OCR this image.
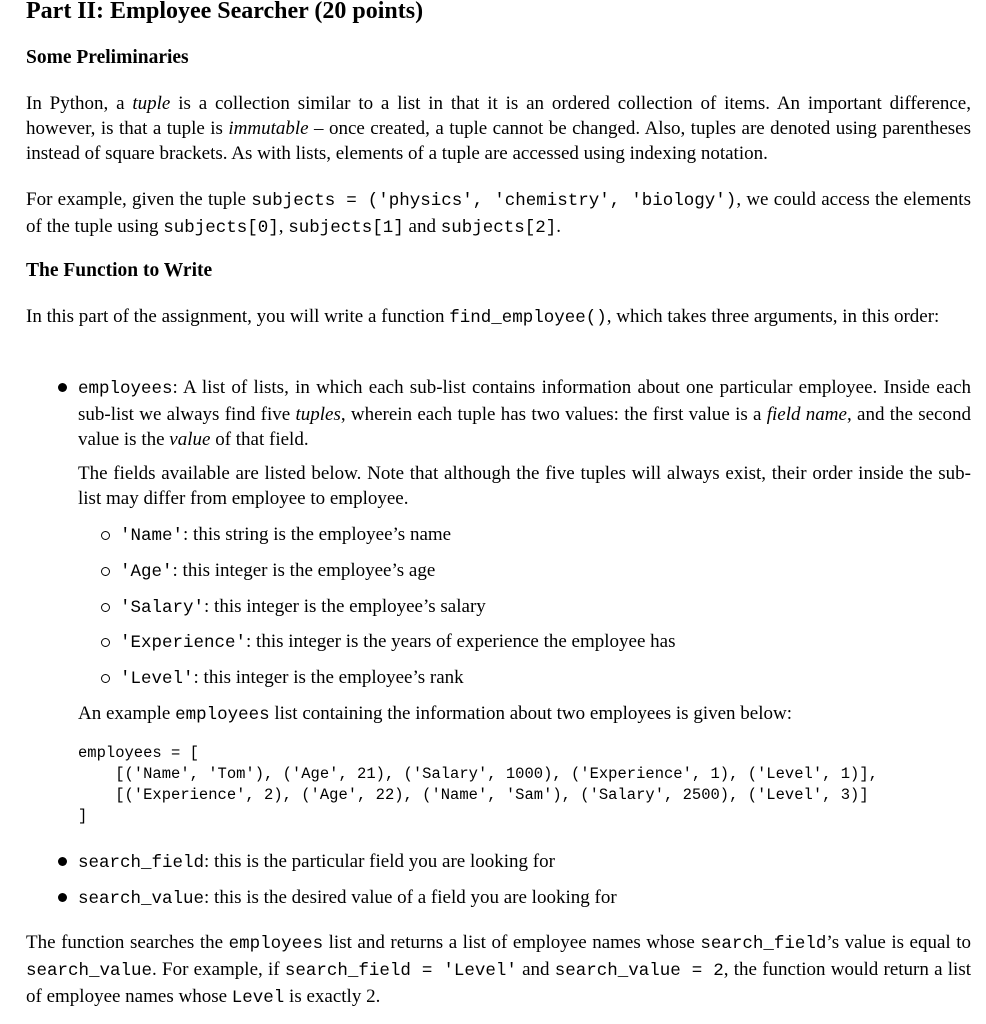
Part II: Employee Searcher (20 points)
Some Preliminaries

In Python, a tuple is a collection similar to a list in that it is an ordered collection of items. An important difference, however, is that a tuple is immutable – once created, a tuple cannot be changed. Also, tuples are denoted using parentheses instead of square brackets. As with lists, elements of a tuple are accessed using indexing notation.

For example, given the tuple subjects = ('physics', 'chemistry', 'biology'), we could access the elements of the tuple using subjects[0], subjects[1] and subjects[2].

The Function to Write

In this part of the assignment, you will write a function find_employee(), which takes three arguments, in this order:

employees: A list of lists, in which each sub-list contains information about one particular employee. Inside each sub-list we always find five tuples, wherein each tuple has two values: the first value is a field name, and the second value is the value of that field.

The fields available are listed below. Note that although the five tuples will always exist, their order inside the sub-list may differ from employee to employee.

'Name': this string is the employee’s name

'Age': this integer is the employee’s age

'Salary': this integer is the employee’s salary

'Experience': this integer is the years of experience the employee has

'Level': this integer is the employee’s rank

An example employees list containing the information about two employees is given below:

employees = [
[('Name', 'Tom'), ('Age', 21), ('Salary', 1000), ('Experience', 1), ('Level', 1)],
[('Experience', 2), ('Age', 22), ('Name', 'Sam'), ('Salary', 2500), ('Level', 3)]
]

search_field: this is the particular field you are looking for

search_value: this is the desired value of a field you are looking for

The function searches the employees list and returns a list of employee names whose search_field’s value is equal to search_value. For example, if search_field = 'Level' and search_value = 2, the function would return a list of employee names whose Level is exactly 2.
